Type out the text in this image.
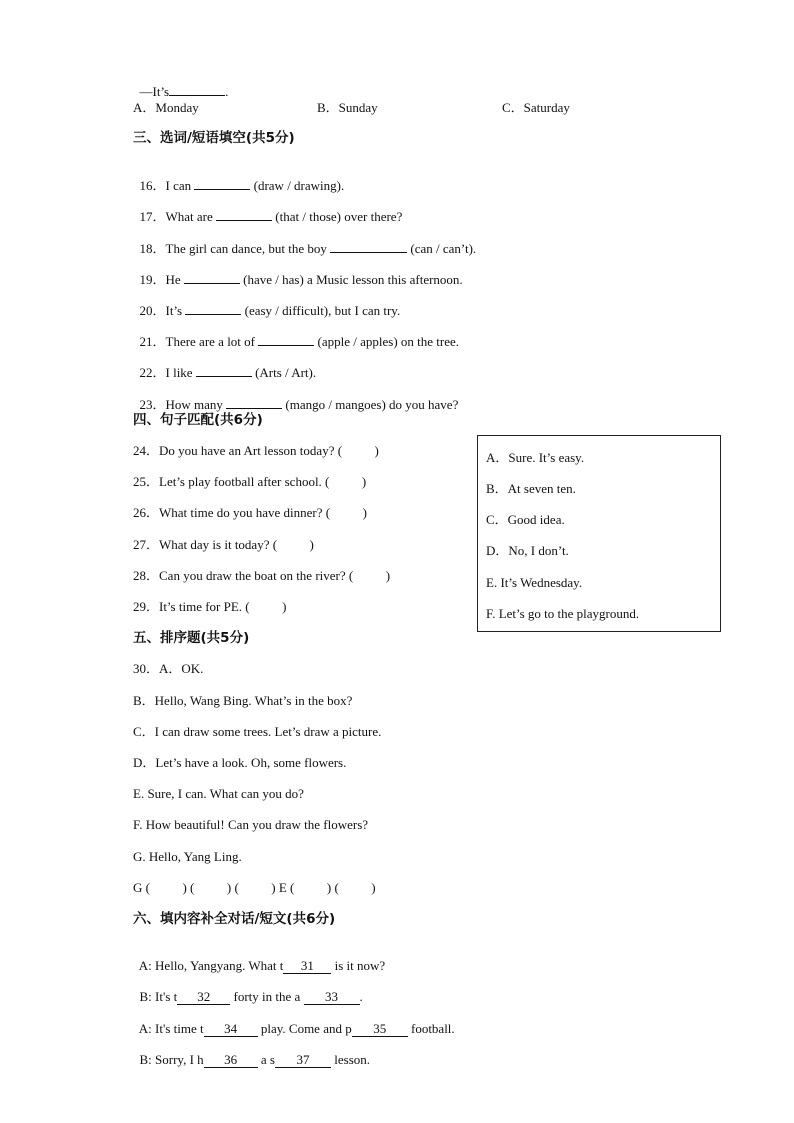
—It’s	.

A．Monday	B．Sunday	C．Saturday
三、选词/短语填空(共5分)

16．I can	(draw / drawing).

17．What are	(that / those) over there?

18．The girl can dance, but the boy	(can / can’t).

19．He	(have / has) a Music lesson this afternoon.

20．It’s	(easy / difficult), but I can try.

21．There are a lot of	(apple / apples) on the tree.

22．I like	(Arts / Art).

23．How many	(mango / mangoes) do you have?

四、句子匹配(共6分)
24．Do you have an Art lesson today? (          )
25．Let’s play football after school. (          )
26．What time do you have dinner? (          )
27．What day is it today? (          )
28．Can you draw the boat on the river? (          )
29．It’s time for PE. (          )
A．Sure. It’s easy.
B．At seven ten.
C．Good idea.
D．No, I don’t.
E. It’s Wednesday.
F. Let’s go to the playground.
五、排序题(共5分)
30．A．OK.
B．Hello, Wang Bing. What’s in the box?
C．I can draw some trees. Let’s draw a picture.
D．Let’s have a look. Oh, some flowers.
E. Sure, I can. What can you do?
F. How beautiful! Can you draw the flowers?
G. Hello, Yang Ling.
G (          ) (          ) (          ) E (          ) (          )
六、填内容补全对话/短文(共6分)

A: Hello, Yangyang. What t 31 is it now?

B: It's t 32 forty in the a 33 .

A: It's time t 34 play. Come and p 35 football.

B: Sorry, I h 36 a s 37 lesson.
